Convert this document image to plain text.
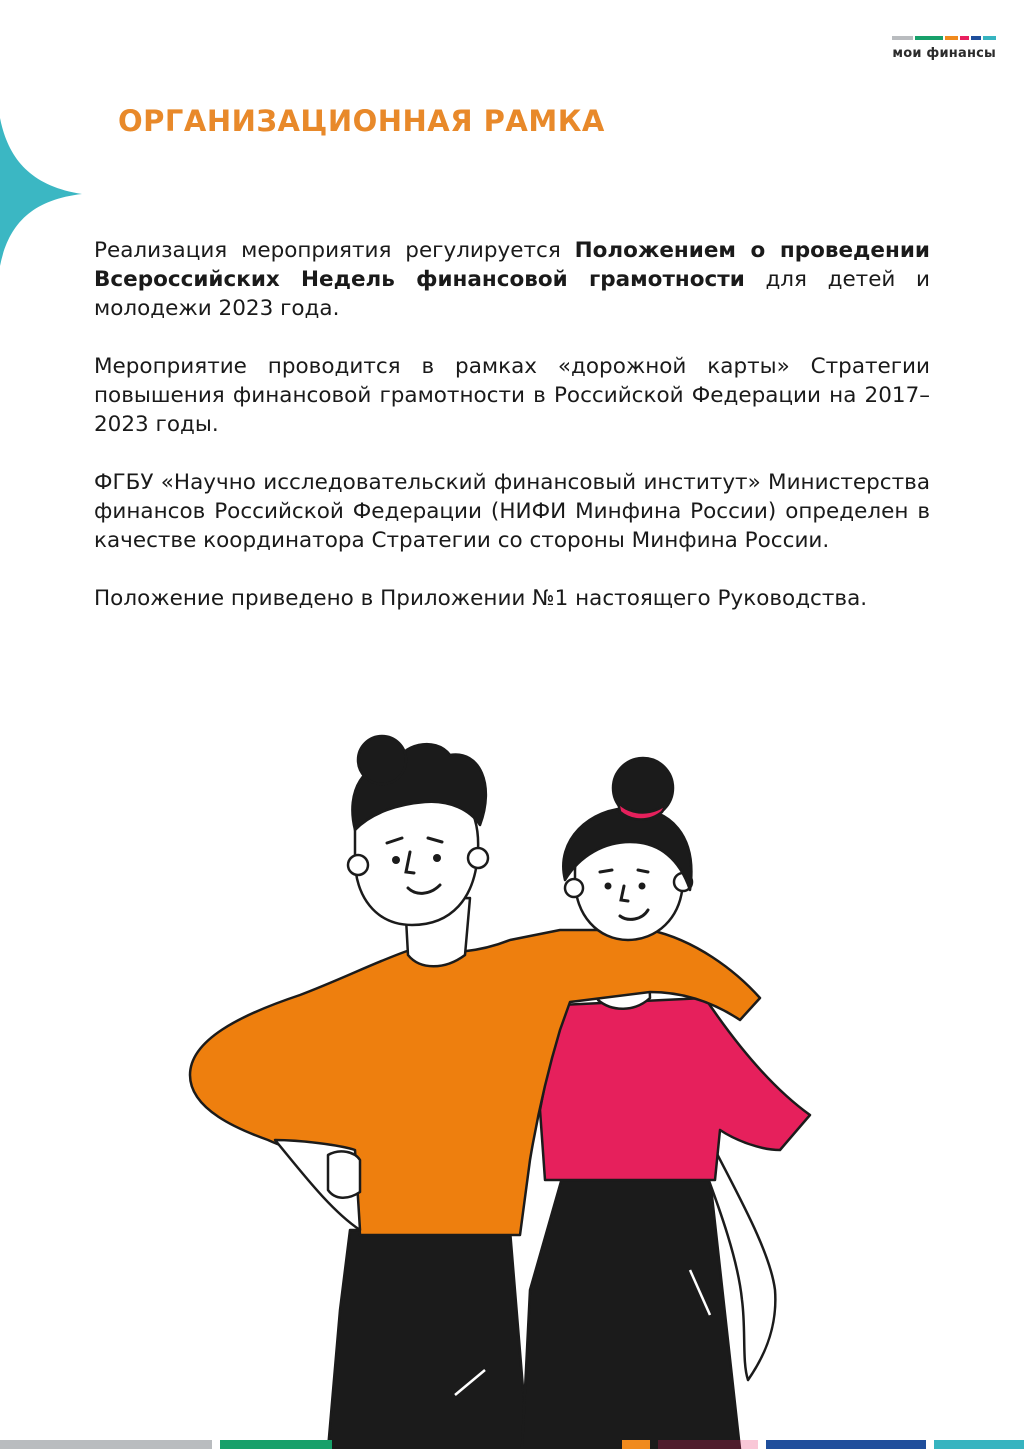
мои финансы
ОРГАНИЗАЦИОННАЯ РАМКА

Реализация мероприятия регулируется Положением о проведении Всероссийских Недель финансовой грамотности для детей и молодежи 2023 года.

Мероприятие проводится в рамках «дорожной карты» Стратегии повышения финансовой грамотности в Российской Федерации на 2017–2023 годы.

ФГБУ «Научно исследовательский финансовый институт» Министерства финансов Российской Федерации (НИФИ Минфина России) определен в качестве координатора Стратегии со стороны Минфина России.

Положение приведено в Приложении №1 настоящего Руководства.
